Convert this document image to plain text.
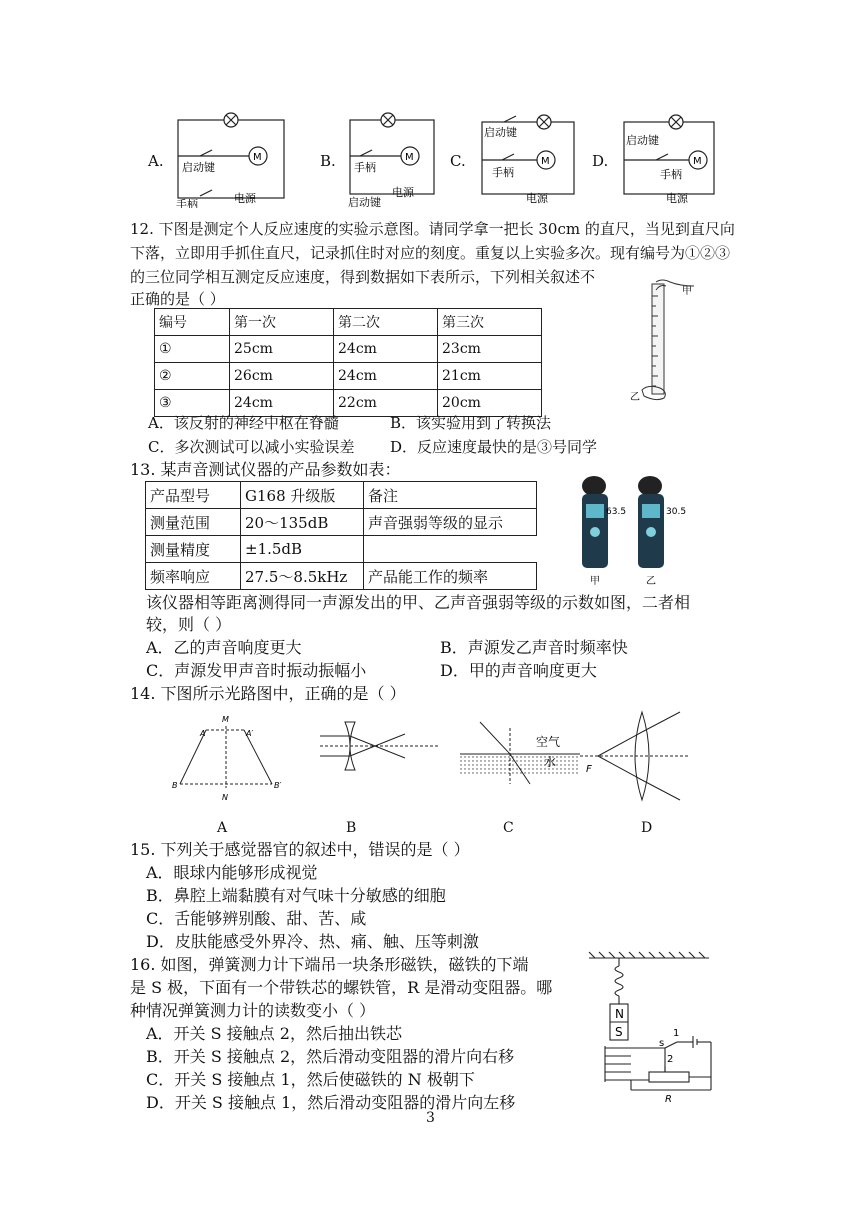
A.	M
启动键
手柄	电源
B.	M
手柄
启动键
电源
C.
启动键
M
手柄
电源
D.
启动键
M
手柄
电源
12. 下图是测定个人反应速度的实验示意图。请同学拿一把长 30cm 的直尺，当见到直尺向
下落，立即用手抓住直尺，记录抓住时对应的刻度。重复以上实验多次。现有编号为①②③
的三位同学相互测定反应速度，得到数据如下表所示，下列相关叙述不
正确的是（ ）
编号	第一次	第二次	第三次
①	25cm	24cm	23cm
②	26cm	24cm	21cm
③	24cm	22cm	20cm
甲
乙
A．该反射的神经中枢在脊髓	B．该实验用到了转换法
C．多次测试可以减小实验误差 D．反应速度最快的是③号同学
13. 某声音测试仪器的产品参数如表：
产品型号	G168 升级版	备注
测量范围	20～135dB	声音强弱等级的显示
测量精度	±1.5dB	
频率响应	27.5～8.5kHz	产品能工作的频率
63.5	30.5
甲	乙
该仪器相等距离测得同一声源发出的甲、乙声音强弱等级的示数如图，二者相
较，则（ ）
A．乙的声音响度更大	B．声源发乙声音时频率快
C．声源发甲声音时振动振幅小	D．甲的声音响度更大
14. 下图所示光路图中，正确的是（ ）
A	A′
B	B′
M
N
空气
水
F
A	B	C	D
15. 下列关于感觉器官的叙述中，错误的是（ ）
A．眼球内能够形成视觉
B．鼻腔上端黏膜有对气味十分敏感的细胞
C．舌能够辨别酸、甜、苦、咸
D．皮肤能感受外界冷、热、痛、触、压等刺激
16. 如图，弹簧测力计下端吊一块条形磁铁，磁铁的下端
是 S 极，下面有一个带铁芯的螺铁管，R 是滑动变阻器。哪
种情况弹簧测力计的读数变小（ ）
A．开关 S 接触点 2，然后抽出铁芯
B．开关 S 接触点 2，然后滑动变阻器的滑片向右移
C．开关 S 接触点 1，然后使磁铁的 N 极朝下
D．开关 S 接触点 1，然后滑动变阻器的滑片向左移
N
S
s
1
2
R
3
